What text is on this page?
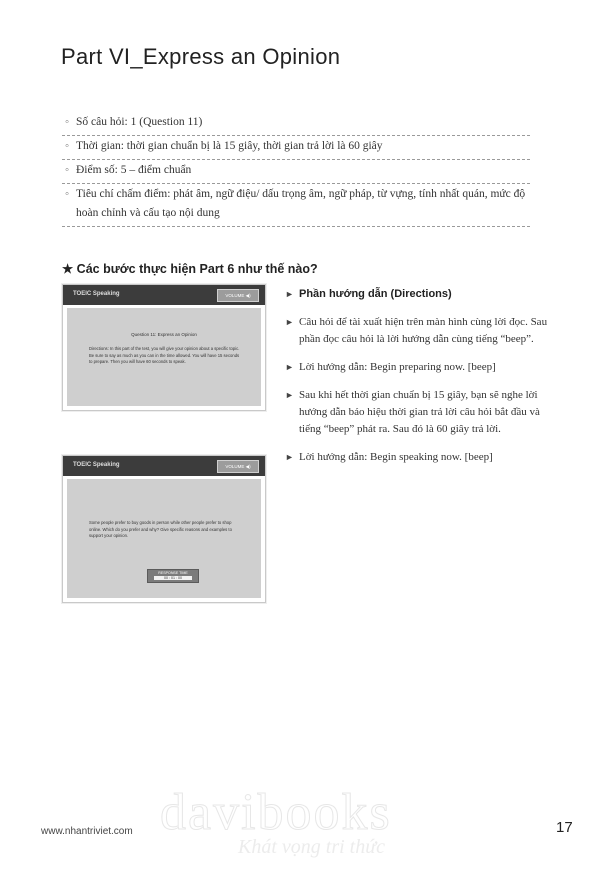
Part VI_Express an Opinion
◦ Số câu hỏi: 1 (Question 11)
◦ Thời gian: thời gian chuẩn bị là 15 giây, thời gian trả lời là 60 giây
◦ Điểm số: 5 – điểm chuẩn
◦ Tiêu chí chấm điểm: phát âm, ngữ điệu/ dấu trọng âm, ngữ pháp, từ vựng, tính nhất quán, mức độ hoàn chỉnh và cấu tạo nội dung
★ Các bước thực hiện Part 6 như thế nào?
TOEIC Speaking	VOLUME ◀)
Question 11: Express an Opinion
Directions: In this part of the test, you will give your opinion about a specific topic. Be sure to say as much as you can in the time allowed. You will have 15 seconds to prepare. Then you will have 60 seconds to speak.
TOEIC Speaking	VOLUME ◀)
Some people prefer to buy goods in person while other people prefer to shop online. Which do you prefer and why? Give specific reasons and examples to support your opinion.
RESPONSE TIME
00 : 01 : 00
► Phần hướng dẫn (Directions)
► Câu hỏi để tài xuất hiện trên màn hình cùng lời đọc. Sau phần đọc câu hỏi là lời hướng dẫn cùng tiếng “beep”.
► Lời hướng dẫn: Begin preparing now. [beep]
► Sau khi hết thời gian chuẩn bị 15 giây, bạn sẽ nghe lời hướng dẫn báo hiệu thời gian trả lời câu hỏi bắt đầu và tiếng “beep” phát ra. Sau đó là 60 giây trả lời.
► Lời hướng dẫn: Begin speaking now. [beep]
davibooks
Khát vọng tri thức
www.nhantriviet.com	17
